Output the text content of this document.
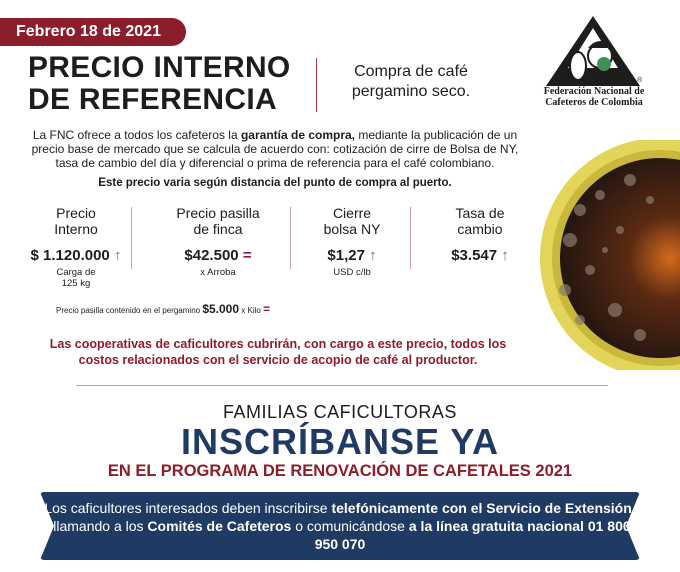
Febrero 18 de 2021
PRECIO INTERNO
DE REFERENCIA
Compra de café pergamino seco.
®
Federación Nacional de
Cafeteros de Colombia
La FNC ofrece a todos los cafeteros la garantía de compra, mediante la publicación de un precio base de mercado que se calcula de acuerdo con: cotización de cirre de Bolsa de NY, tasa de cambio del día y diferencial o prima de referencia para el café colombiano.
Este precio varia según distancia del punto de compra al puerto.
Precio
Interno
$ 1.120.000 ↑
Carga de
125 kg
Precio pasilla
de finca
$42.500 =
x Arroba
Cierre
bolsa NY
$1,27 ↑
USD c/lb
Tasa de
cambio
$3.547 ↑
Precio pasilla contenido en el pergamino $5.000 x Kilo =
Las cooperativas de caficultores cubrirán, con cargo a este precio, todos los costos relacionados con el servicio de acopio de café al productor.
FAMILIAS CAFICULTORAS
INSCRÍBANSE YA
EN EL PROGRAMA DE RENOVACIÓN DE CAFETALES 2021
Los caficultores interesados deben inscribirse telefónicamente con el Servicio de Extensión, o llamando a los Comités de Cafeteros o comunicándose a la línea gratuita nacional 01 8000 950 070
